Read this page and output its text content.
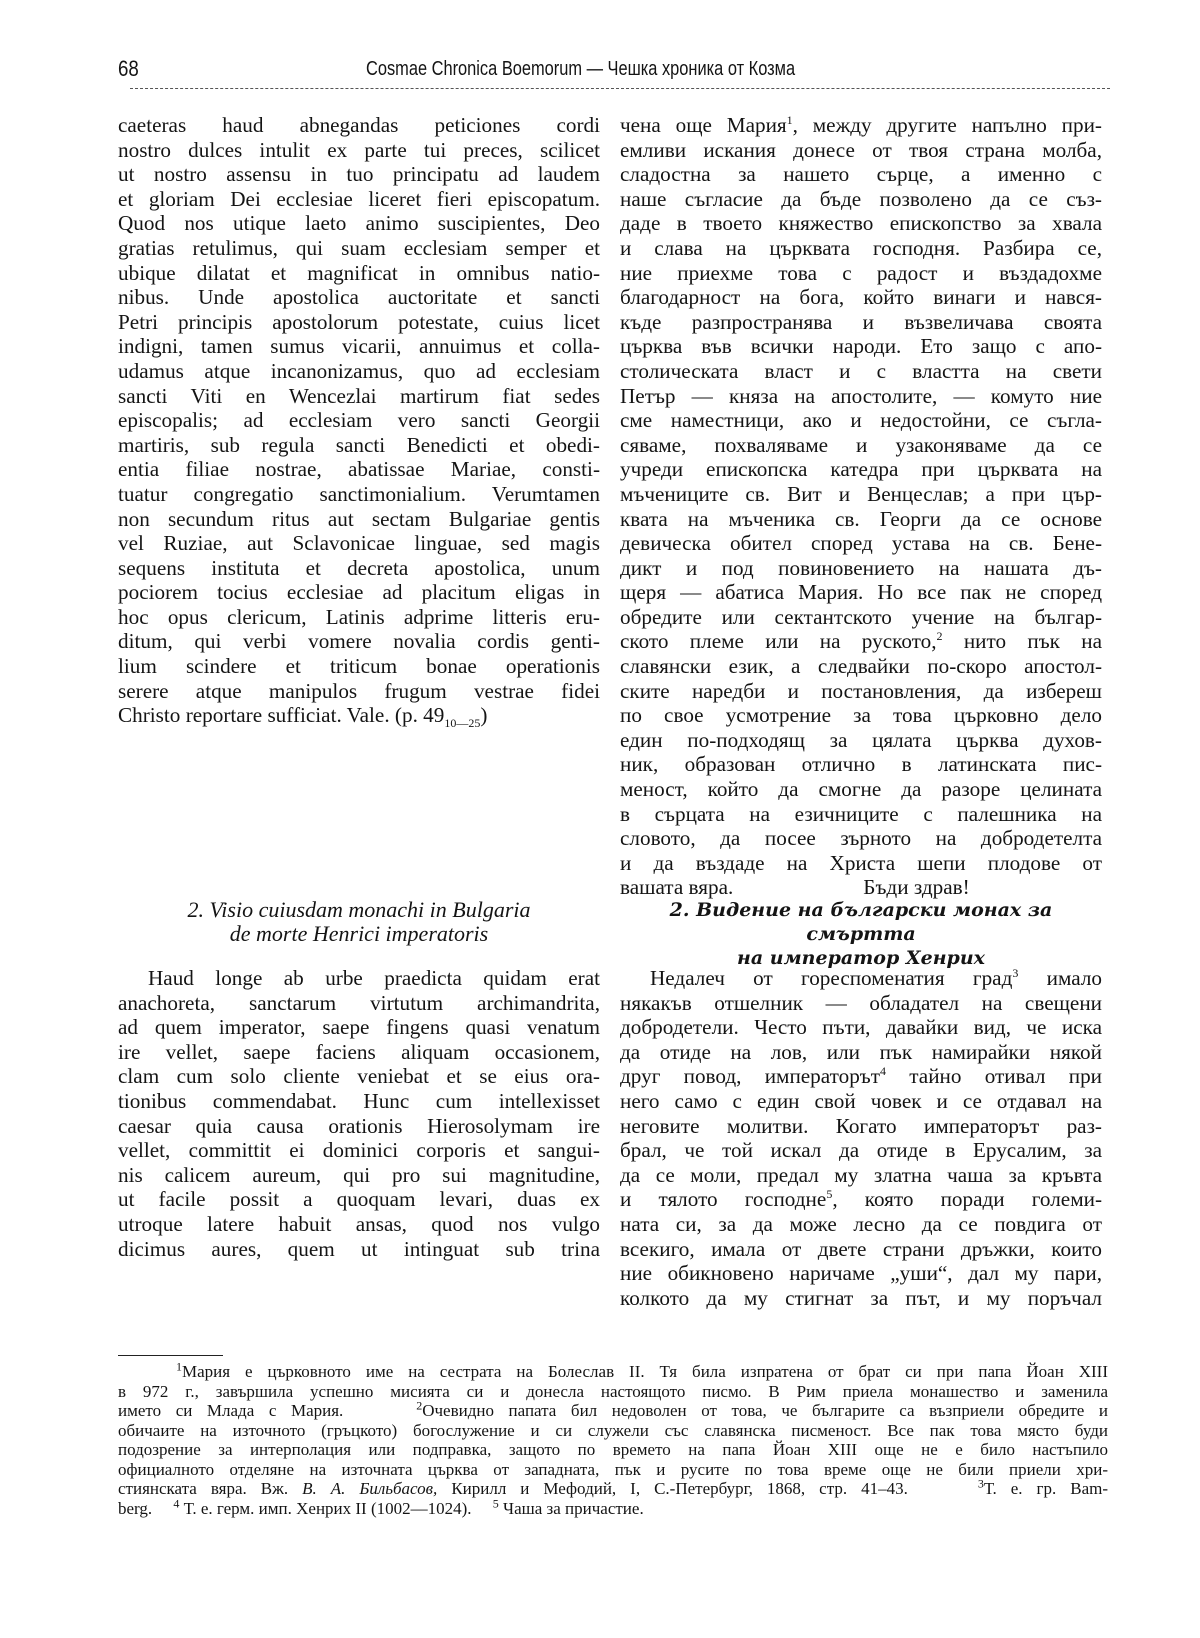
68	Cosmae Chronica Boemorum — Чешка хроника от Козма
caeteras haud abnegandas peticiones cordi
nostro dulces intulit ex parte tui preces, scilicet
ut nostro assensu in tuo principatu ad laudem
et gloriam Dei ecclesiae liceret fieri episcopatum.
Quod nos utique laeto animo suscipientes, Deo
gratias retulimus, qui suam ecclesiam semper et
ubique dilatat et magnificat in omnibus natio-
nibus. Unde apostolica auctoritate et sancti
Petri principis apostolorum potestate, cuius licet
indigni, tamen sumus vicarii, annuimus et colla-
udamus atque incanonizamus, quo ad ecclesiam
sancti Viti en Wencezlai martirum fiat sedes
episcopalis; ad ecclesiam vero sancti Georgii
martiris, sub regula sancti Benedicti et obedi-
entia filiae nostrae, abatissae Mariae, consti-
tuatur congregatio sanctimonialium. Verumtamen
non secundum ritus aut sectam Bulgariae gentis
vel Ruziae, aut Sclavonicae linguae, sed magis
sequens instituta et decreta apostolica, unum
pociorem tocius ecclesiae ad placitum eligas in
hoc opus clericum, Latinis adprime litteris eru-
ditum, qui verbi vomere novalia cordis genti-
lium scindere et triticum bonae operationis
serere atque manipulos frugum vestrae fidei
Christo reportare sufficiat. Vale. (p. $49_{10—25}$)
чена още Мария$^1$, между другите напълно при-
емливи искания донесе от твоя страна молба,
сладостна за нашето сърце, а именно с
наше съгласие да бъде позволено да се съз-
даде в твоето княжество епископство за хвала
и слава на църквата господня. Разбира се,
ние приехме това с радост и въздадохме
благодарност на бога, който винаги и нався-
къде разпространява и възвеличава своята
църква във всички народи. Ето защо с апо-
столическата власт и с властта на свети
Петър — княза на апостолите, — комуто ние
сме наместници, ако и недостойни, се съгла-
сяваме, похваляваме и узаконяваме да се
учреди епископска катедра при църквата на
мъчениците св. Вит и Венцеслав; а при цър-
квата на мъченика св. Георги да се основе
девическа обител според устава на св. Бене-
дикт и под повиновението на нашата дъ-
щеря — абатиса Мария. Но все пак не според
обредите или сектантското учение на българ-
ското племе или на руското,$^2$ нито пък на
славянски език, а следвайки по-скоро апостол-
ските наредби и постановления, да избереш
по свое усмотрение за това църковно дело
един по-подходящ за цялата църква духов-
ник, образован отлично в латинската пис-
меност, който да смогне да разоре целината
в сърцата на езичниците с палешника на
словото, да посее зърното на добродетелта
и да въздаде на Христа шепи плодове от
вашата вяра.	Бъди здрав!
2. Visio cuiusdam monachi in Bulgaria
de morte Henrici imperatoris
2. Видение на български монах за смъртта
на император Хенрих
Haud longe ab urbe praedicta quidam erat
anachoreta, sanctarum virtutum archimandrita,
ad quem imperator, saepe fingens quasi venatum
ire vellet, saepe faciens aliquam occasionem,
clam cum solo cliente veniebat et se eius ora-
tionibus commendabat. Hunc cum intellexisset
caesar quia causa orationis Hierosolymam ire
vellet, committit ei dominici corporis et sangui-
nis calicem aureum, qui pro sui magnitudine,
ut facile possit a quoquam levari, duas ex
utroque latere habuit ansas, quod nos vulgo
dicimus aures, quem ut intinguat sub trina
Недалеч от гореспоменатия град$^3$ имало
някакъв отшелник — обладател на свещени
добродетели. Често пъти, давайки вид, че иска
да отиде на лов, или пък намирайки някой
друг повод, императорът$^4$ тайно отивал при
него само с един свой човек и се отдавал на
неговите молитви. Когато императорът раз-
брал, че той искал да отиде в Ерусалим, за
да се моли, предал му златна чаша за кръвта
и тялото господне$^5$, която поради големи-
ната си, за да може лесно да се повдига от
всекиго, имала от двете страни дръжки, които
ние обикновено наричаме „уши“, дал му пари,
колкото да му стигнат за път, и му поръчал
$^1$Мария е църковното име на сестрата на Болеслав II. Тя била изпратена от брат си при папа Йоан XIII
в 972 г., завършила успешно мисията си и донесла настоящото писмо. В Рим приела монашество и заменила
името си Млада с Мария.	$^2$Очевидно папата бил недоволен от това, че българите са възприели обредите и
обичаите на източното (гръцкото) богослужение и си служели със славянска писменост. Все пак това място буди
подозрение за интерполация или подправка, защото по времето на папа Йоан XIII още не е било настъпило
официалното отделяне на източната църква от западната, пък и русите по това време още не били приели хри-
стиянската вяра. Вж. В. А. Бильбасов, Кирилл и Мефодий, I, С.-Петербург, 1868, стр. 41–43.	$^3$Т. е. гр. Bam-
berg. $^4$ Т. е. герм. имп. Хенрих II (1002—1024). $^5$ Чаша за причастие.
